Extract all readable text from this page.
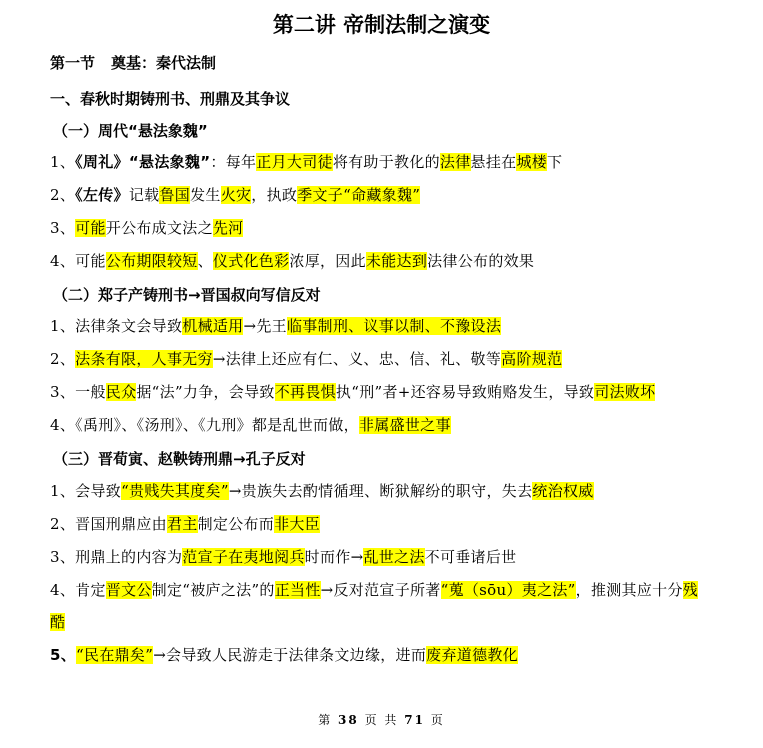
第二讲 帝制法制之演变
第一节 奠基：秦代法制
一、春秋时期铸刑书、刑鼎及其争议
（一）周代“悬法象魏”
1、《周礼》“悬法象魏”：每年正月大司徒将有助于教化的法律悬挂在城楼下
2、《左传》记载鲁国发生火灾，执政季文子“命藏象魏”
3、可能开公布成文法之先河
4、可能公布期限较短、仪式化色彩浓厚，因此未能达到法律公布的效果
（二）郑子产铸刑书→晋国叔向写信反对
1、法律条文会导致机械适用→先王临事制刑、议事以制、不豫设法
2、法条有限，人事无穷→法律上还应有仁、义、忠、信、礼、敬等高阶规范
3、一般民众据“法”力争，会导致不再畏惧执“刑”者+还容易导致贿赂发生，导致司法败坏
4、《禹刑》、《汤刑》、《九刑》都是乱世而做，非属盛世之事
（三）晋荀寅、赵鞅铸刑鼎→孔子反对
1、会导致“贵贱失其度矣”→贵族失去酌情循理、断狱解纷的职守，失去统治权威
2、晋国刑鼎应由君主制定公布而非大臣
3、刑鼎上的内容为范宣子在夷地阅兵时而作→乱世之法不可垂诸后世
4、肯定晋文公制定“被庐之法”的正当性→反对范宣子所著“蒐（sōu）夷之法”，推测其应十分残
酷
5、“民在鼎矣”→会导致人民游走于法律条文边缘，进而废弃道德教化
第 38 页 共 71 页
